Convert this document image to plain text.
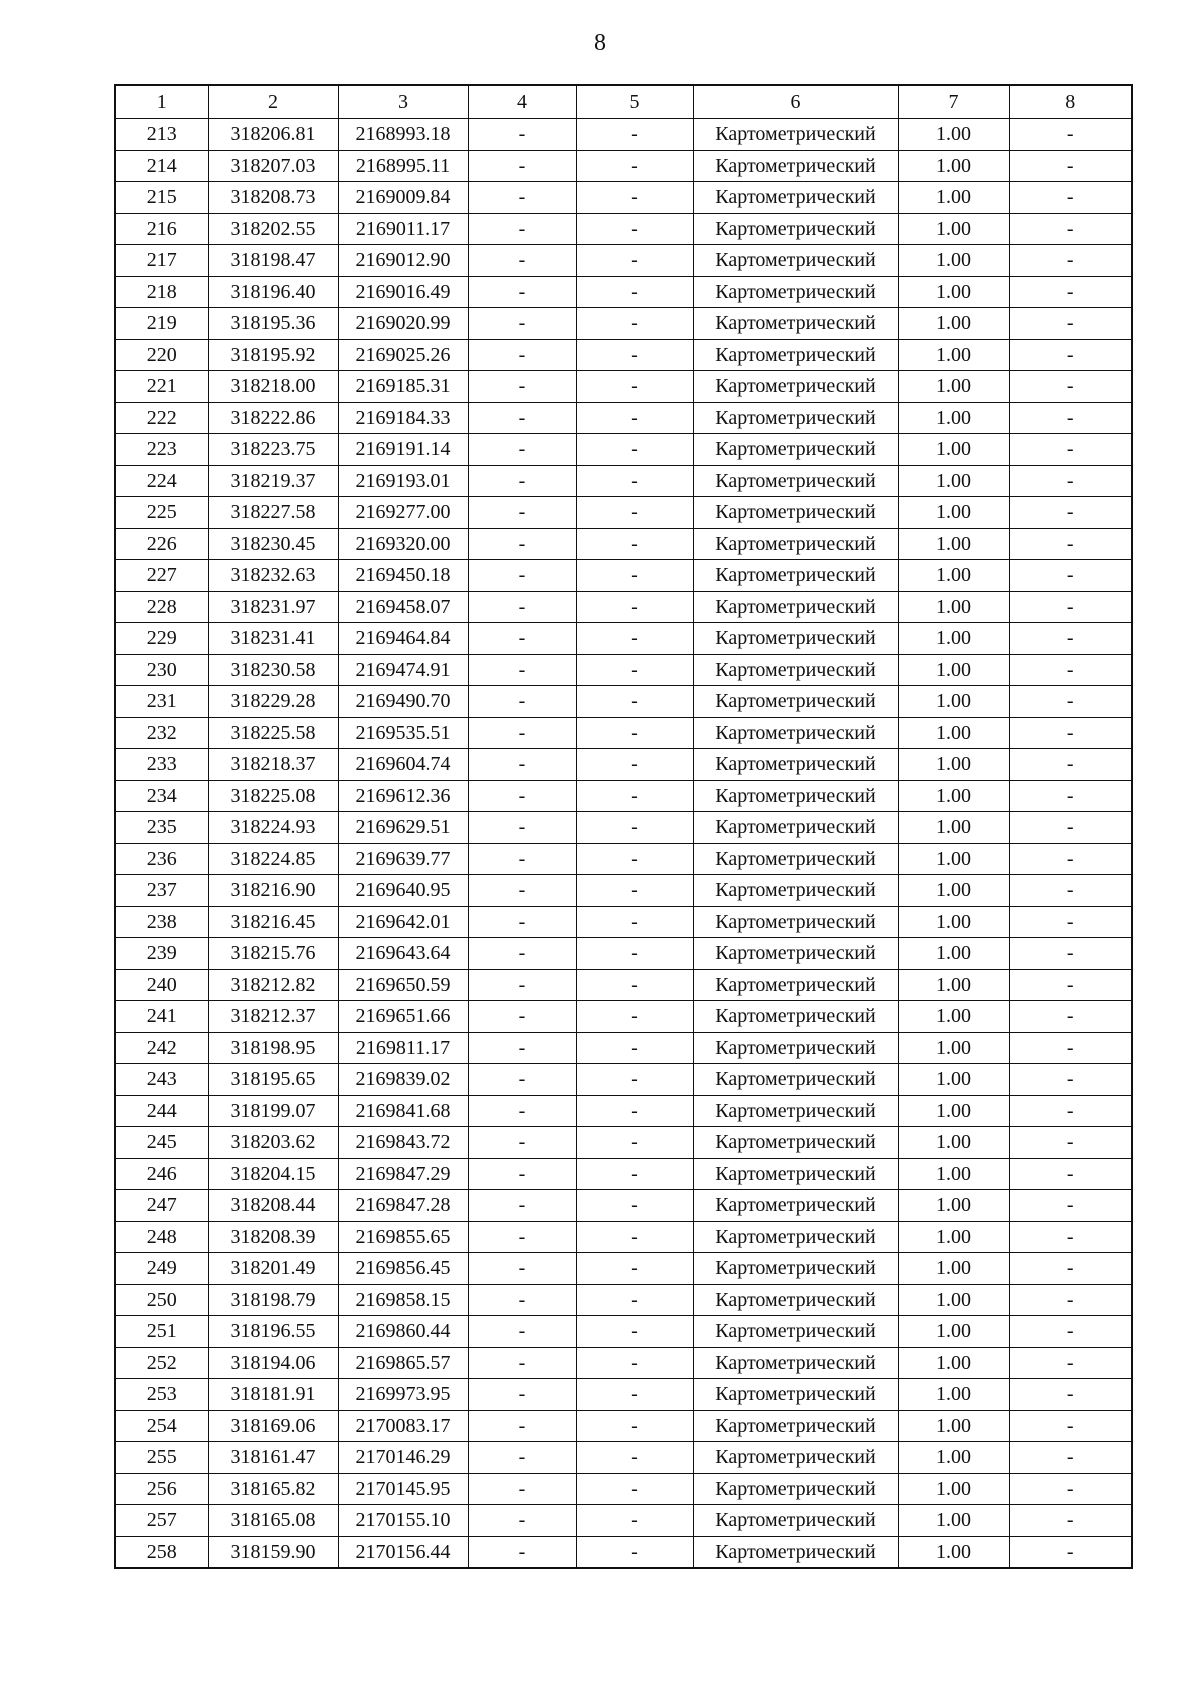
8
1	2	3	4	5	6	7	8
213	318206.81	2168993.18	-	-	Картометрический	1.00	-
214	318207.03	2168995.11	-	-	Картометрический	1.00	-
215	318208.73	2169009.84	-	-	Картометрический	1.00	-
216	318202.55	2169011.17	-	-	Картометрический	1.00	-
217	318198.47	2169012.90	-	-	Картометрический	1.00	-
218	318196.40	2169016.49	-	-	Картометрический	1.00	-
219	318195.36	2169020.99	-	-	Картометрический	1.00	-
220	318195.92	2169025.26	-	-	Картометрический	1.00	-
221	318218.00	2169185.31	-	-	Картометрический	1.00	-
222	318222.86	2169184.33	-	-	Картометрический	1.00	-
223	318223.75	2169191.14	-	-	Картометрический	1.00	-
224	318219.37	2169193.01	-	-	Картометрический	1.00	-
225	318227.58	2169277.00	-	-	Картометрический	1.00	-
226	318230.45	2169320.00	-	-	Картометрический	1.00	-
227	318232.63	2169450.18	-	-	Картометрический	1.00	-
228	318231.97	2169458.07	-	-	Картометрический	1.00	-
229	318231.41	2169464.84	-	-	Картометрический	1.00	-
230	318230.58	2169474.91	-	-	Картометрический	1.00	-
231	318229.28	2169490.70	-	-	Картометрический	1.00	-
232	318225.58	2169535.51	-	-	Картометрический	1.00	-
233	318218.37	2169604.74	-	-	Картометрический	1.00	-
234	318225.08	2169612.36	-	-	Картометрический	1.00	-
235	318224.93	2169629.51	-	-	Картометрический	1.00	-
236	318224.85	2169639.77	-	-	Картометрический	1.00	-
237	318216.90	2169640.95	-	-	Картометрический	1.00	-
238	318216.45	2169642.01	-	-	Картометрический	1.00	-
239	318215.76	2169643.64	-	-	Картометрический	1.00	-
240	318212.82	2169650.59	-	-	Картометрический	1.00	-
241	318212.37	2169651.66	-	-	Картометрический	1.00	-
242	318198.95	2169811.17	-	-	Картометрический	1.00	-
243	318195.65	2169839.02	-	-	Картометрический	1.00	-
244	318199.07	2169841.68	-	-	Картометрический	1.00	-
245	318203.62	2169843.72	-	-	Картометрический	1.00	-
246	318204.15	2169847.29	-	-	Картометрический	1.00	-
247	318208.44	2169847.28	-	-	Картометрический	1.00	-
248	318208.39	2169855.65	-	-	Картометрический	1.00	-
249	318201.49	2169856.45	-	-	Картометрический	1.00	-
250	318198.79	2169858.15	-	-	Картометрический	1.00	-
251	318196.55	2169860.44	-	-	Картометрический	1.00	-
252	318194.06	2169865.57	-	-	Картометрический	1.00	-
253	318181.91	2169973.95	-	-	Картометрический	1.00	-
254	318169.06	2170083.17	-	-	Картометрический	1.00	-
255	318161.47	2170146.29	-	-	Картометрический	1.00	-
256	318165.82	2170145.95	-	-	Картометрический	1.00	-
257	318165.08	2170155.10	-	-	Картометрический	1.00	-
258	318159.90	2170156.44	-	-	Картометрический	1.00	-
